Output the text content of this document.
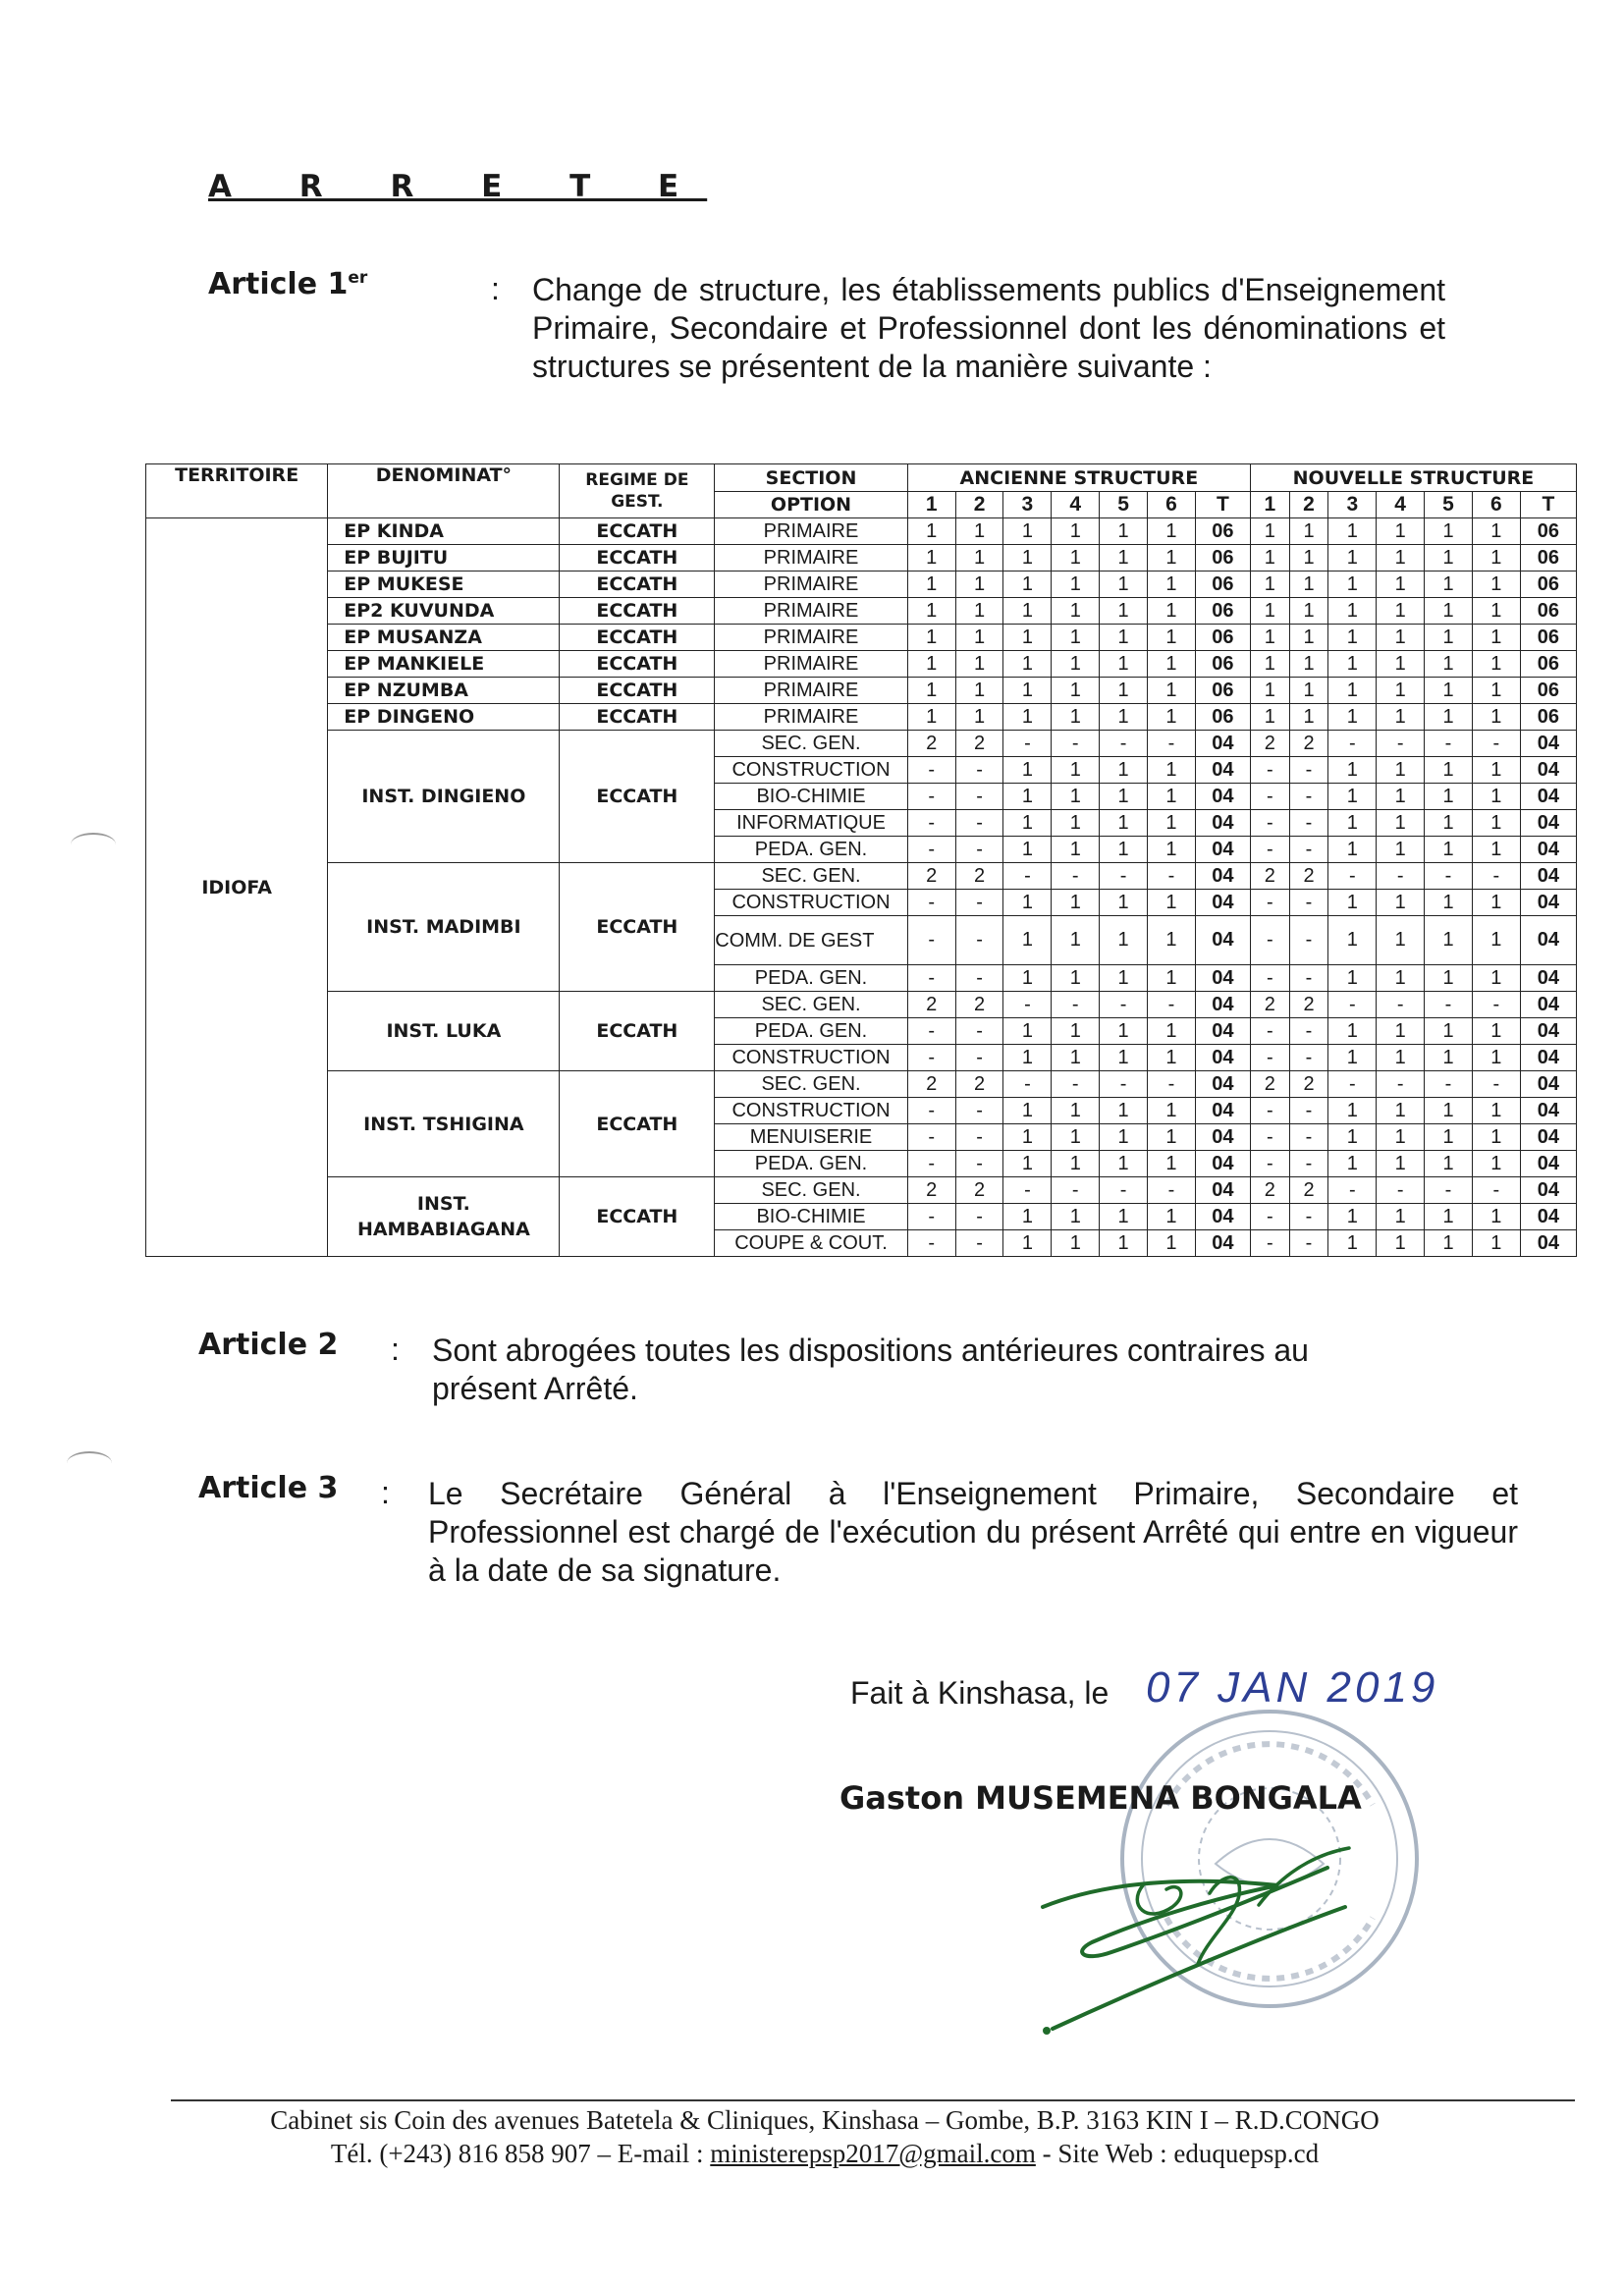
A R R E T E
Article 1er	: Change de structure, les établissements publics d'Enseignement Primaire, Secondaire et Professionnel dont les dénominations et structures se présentent de la manière suivante :
TERRITOIRE	DENOMINAT°	REGIME DE GEST.	SECTION	ANCIENNE STRUCTURE							NOUVELLE STRUCTURE						
			OPTION	1	2	3	4	5	6	T	1	2	3	4	5	6	T
IDIOFA	EP KINDA	ECCATH	PRIMAIRE	1	1	1	1	1	1	06	1	1	1	1	1	1	06
	EP BUJITU	ECCATH	PRIMAIRE	1	1	1	1	1	1	06	1	1	1	1	1	1	06
	EP MUKESE	ECCATH	PRIMAIRE	1	1	1	1	1	1	06	1	1	1	1	1	1	06
	EP2 KUVUNDA	ECCATH	PRIMAIRE	1	1	1	1	1	1	06	1	1	1	1	1	1	06
	EP MUSANZA	ECCATH	PRIMAIRE	1	1	1	1	1	1	06	1	1	1	1	1	1	06
	EP MANKIELE	ECCATH	PRIMAIRE	1	1	1	1	1	1	06	1	1	1	1	1	1	06
	EP NZUMBA	ECCATH	PRIMAIRE	1	1	1	1	1	1	06	1	1	1	1	1	1	06
	EP DINGENO	ECCATH	PRIMAIRE	1	1	1	1	1	1	06	1	1	1	1	1	1	06
	INST. DINGIENO	ECCATH	SEC. GEN.	2	2	-	-	-	-	04	2	2	-	-	-	-	04
			CONSTRUCTION	-	-	1	1	1	1	04	-	-	1	1	1	1	04
			BIO-CHIMIE	-	-	1	1	1	1	04	-	-	1	1	1	1	04
			INFORMATIQUE	-	-	1	1	1	1	04	-	-	1	1	1	1	04
			PEDA. GEN.	-	-	1	1	1	1	04	-	-	1	1	1	1	04
	INST. MADIMBI	ECCATH	SEC. GEN.	2	2	-	-	-	-	04	2	2	-	-	-	-	04
			CONSTRUCTION	-	-	1	1	1	1	04	-	-	1	1	1	1	04
			COMM. DE GEST	-	-	1	1	1	1	04	-	-	1	1	1	1	04
			PEDA. GEN.	-	-	1	1	1	1	04	-	-	1	1	1	1	04
	INST. LUKA	ECCATH	SEC. GEN.	2	2	-	-	-	-	04	2	2	-	-	-	-	04
			PEDA. GEN.	-	-	1	1	1	1	04	-	-	1	1	1	1	04
			CONSTRUCTION	-	-	1	1	1	1	04	-	-	1	1	1	1	04
	INST. TSHIGINA	ECCATH	SEC. GEN.	2	2	-	-	-	-	04	2	2	-	-	-	-	04
			CONSTRUCTION	-	-	1	1	1	1	04	-	-	1	1	1	1	04
			MENUISERIE	-	-	1	1	1	1	04	-	-	1	1	1	1	04
			PEDA. GEN.	-	-	1	1	1	1	04	-	-	1	1	1	1	04
	INST. HAMBABIAGANA	ECCATH	SEC. GEN.	2	2	-	-	-	-	04	2	2	-	-	-	-	04
			BIO-CHIMIE	-	-	1	1	1	1	04	-	-	1	1	1	1	04
			COUPE & COUT.	-	-	1	1	1	1	04	-	-	1	1	1	1	04
Article 2 : Sont abrogées toutes les dispositions antérieures contraires au présent Arrêté.
Article 3 : Le Secrétaire Général à l'Enseignement Primaire, Secondaire et Professionnel est chargé de l'exécution du présent Arrêté qui entre en vigueur à la date de sa signature.
Fait à Kinshasa, le 07 JAN 2019
Gaston MUSEMENA BONGALA
Cabinet sis Coin des avenues Batetela & Cliniques, Kinshasa – Gombe, B.P. 3163 KIN I – R.D.CONGO
Tél. (+243) 816 858 907 – E-mail : ministerepsp2017@gmail.com - Site Web : eduquepsp.cd
